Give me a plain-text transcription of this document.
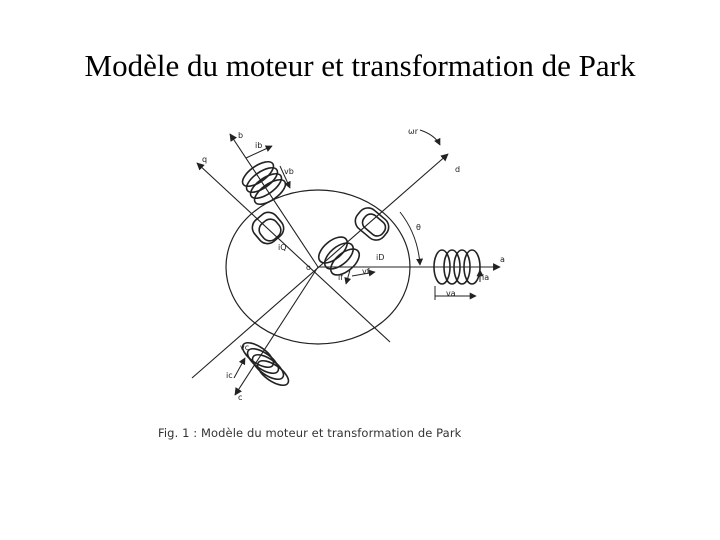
Modèle du moteur et transformation de Park
a
b
c
d
q
ωr
θ
o
ia
ib
ic
va
vb
vc
iD
iQ
if
vf
Fig. 1 : Modèle du moteur et transformation de Park
